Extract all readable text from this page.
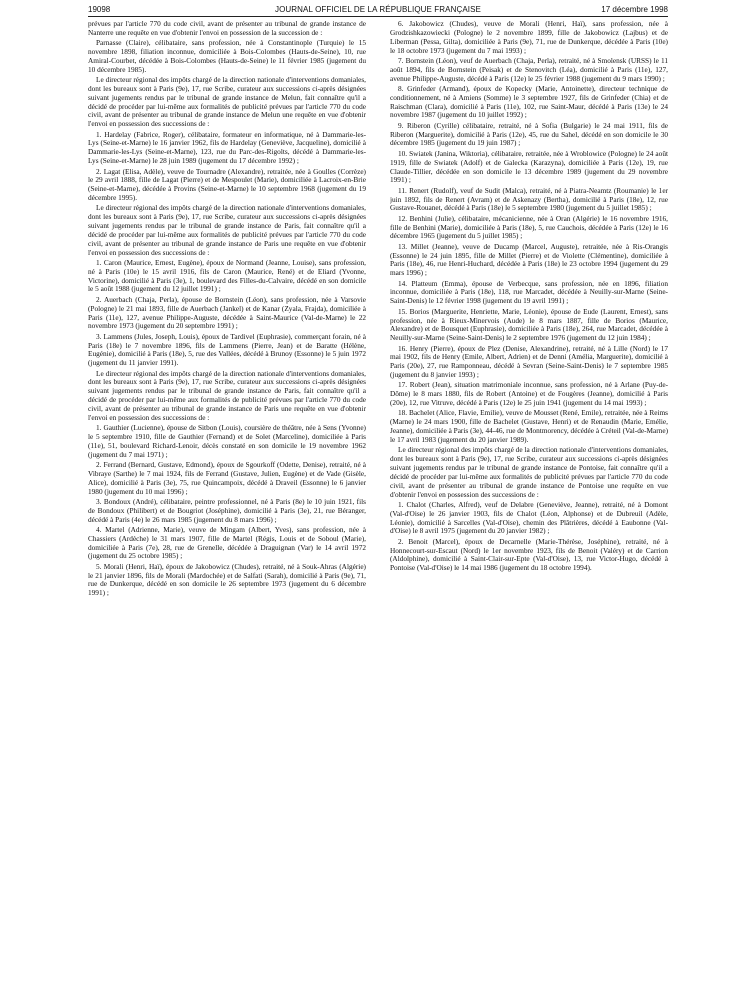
19098	JOURNAL OFFICIEL DE LA RÉPUBLIQUE FRANÇAISE	17 décembre 1998

prévues par l'article 770 du code civil, avant de présenter au tribunal de grande instance de Nanterre une requête en vue d'obtenir l'envoi en possession de la succession de :

Parnasse (Claire), célibataire, sans profession, née à Constantinople (Turquie) le 15 novembre 1898, filiation inconnue, domiciliée à Bois-Colombes (Hauts-de-Seine), 10, rue Amiral-Courbet, décédée à Bois-Colombes (Hauts-de-Seine) le 11 février 1985 (jugement du 10 décembre 1985).

Le directeur régional des impôts chargé de la direction nationale d'interventions domaniales, dont les bureaux sont à Paris (9e), 17, rue Scribe, curateur aux successions ci-après désignées suivant jugements rendus par le tribunal de grande instance de Melun, fait connaître qu'il a décidé de procéder par lui-même aux formalités de publicité prévues par l'article 770 du code civil, avant de présenter au tribunal de grande instance de Melun une requête en vue d'obtenir l'envoi en possession des successions de :

1. Hardelay (Fabrice, Roger), célibataire, formateur en informatique, né à Dammarie-les-Lys (Seine-et-Marne) le 16 janvier 1962, fils de Hardelay (Geneviève, Jacqueline), domicilié à Dammarie-les-Lys (Seine-et-Marne), 123, rue du Parc-des-Rigolts, décédé à Dammarie-les-Lys (Seine-et-Marne) le 28 juin 1989 (jugement du 17 décembre 1992) ;

2. Lagat (Elisa, Adèle), veuve de Tournadre (Alexandre), retraitée, née à Goulles (Corrèze) le 29 avril 1888, fille de Lagat (Pierre) et de Mespoulet (Marie), domiciliée à Lacroix-en-Brie (Seine-et-Marne), décédée à Provins (Seine-et-Marne) le 10 septembre 1968 (jugement du 19 décembre 1995).

Le directeur régional des impôts chargé de la direction nationale d'interventions domaniales, dont les bureaux sont à Paris (9e), 17, rue Scribe, curateur aux successions ci-après désignées suivant jugements rendus par le tribunal de grande instance de Paris, fait connaître qu'il a décidé de procéder par lui-même aux formalités de publicité prévues par l'article 770 du code civil, avant de présenter au tribunal de grande instance de Paris une requête en vue d'obtenir l'envoi en possession des successions de :

1. Caron (Maurice, Ernest, Eugène), époux de Normand (Jeanne, Louise), sans profession, né à Paris (10e) le 15 avril 1916, fils de Caron (Maurice, René) et de Eliard (Yvonne, Victorine), domicilié à Paris (3e), 1, boulevard des Filles-du-Calvaire, décédé en son domicile le 5 août 1988 (jugement du 12 juillet 1991) ;

2. Auerbach (Chaja, Perla), épouse de Bornstein (Léon), sans profession, née à Varsovie (Pologne) le 21 mai 1893, fille de Auerbach (Jankel) et de Kanar (Zyala, Frajda), domiciliée à Paris (11e), 127, avenue Philippe-Auguste, décédée à Saint-Maurice (Val-de-Marne) le 22 novembre 1973 (jugement du 20 septembre 1991) ;

3. Lammens (Jules, Joseph, Louis), époux de Tardivel (Euphrasie), commerçant forain, né à Paris (18e) le 7 novembre 1896, fils de Lammens (Pierre, Jean) et de Baratte (Hélène, Eugénie), domicilié à Paris (18e), 5, rue des Vallées, décédé à Brunoy (Essonne) le 5 juin 1972 (jugement du 11 janvier 1991).

Le directeur régional des impôts chargé de la direction nationale d'interventions domaniales, dont les bureaux sont à Paris (9e), 17, rue Scribe, curateur aux successions ci-après désignées suivant jugements rendus par le tribunal de grande instance de Paris, fait connaître qu'il a décidé de procéder par lui-même aux formalités de publicité prévues par l'article 770 du code civil, avant de présenter au tribunal de grande instance de Paris une requête en vue d'obtenir l'envoi en possession des successions de :

1. Gauthier (Lucienne), épouse de Sitbon (Louis), coursière de théâtre, née à Sens (Yvonne) le 5 septembre 1910, fille de Gauthier (Fernand) et de Solet (Marceline), domiciliée à Paris (11e), 51, boulevard Richard-Lenoir, décès constaté en son domicile le 19 novembre 1962 (jugement du 7 mai 1971) ;

2. Ferrand (Bernard, Gustave, Edmond), époux de Sgourkoff (Odette, Denise), retraité, né à Vibraye (Sarthe) le 7 mai 1924, fils de Ferrand (Gustave, Julien, Eugène) et de Vade (Gisèle, Alice), domicilié à Paris (3e), 75, rue Quincampoix, décédé à Draveil (Essonne) le 6 janvier 1980 (jugement du 10 mai 1996) ;

3. Bondoux (André), célibataire, peintre professionnel, né à Paris (8e) le 10 juin 1921, fils de Bondoux (Philibert) et de Bougriot (Joséphine), domicilié à Paris (3e), 21, rue Béranger, décédé à Paris (4e) le 26 mars 1985 (jugement du 8 mars 1996) ;

4. Martel (Adrienne, Marie), veuve de Mingam (Albert, Yves), sans profession, née à Chassiers (Ardèche) le 31 mars 1907, fille de Martel (Régis, Louis et de Soboul (Marie), domiciliée à Paris (7e), 28, rue de Grenelle, décédée à Draguignan (Var) le 14 avril 1972 (jugement du 25 octobre 1985) ;

5. Morali (Henri, Haï), époux de Jakobowicz (Chudes), retraité, né à Souk-Ahras (Algérie) le 21 janvier 1896, fils de Morali (Mardochée) et de Salfati (Sarah), domicilié à Paris (9e), 71, rue de Dunkerque, décédé en son domicile le 26 septembre 1973 (jugement du 6 décembre 1991) ;

6. Jakobowicz (Chudes), veuve de Morali (Henri, Haï), sans profession, née à Grodzishkazowiecki (Pologne) le 2 novembre 1899, fille de Jakobowicz (Lajbus) et de Liberman (Pessa, Gilta), domiciliée à Paris (9e), 71, rue de Dunkerque, décédée à Paris (10e) le 18 octobre 1973 (jugement du 7 mai 1993) ;

7. Bornstein (Léon), veuf de Auerbach (Chaja, Perla), retraité, né à Smolensk (URSS) le 11 août 1894, fils de Bornstein (Peisak) et de Stenovitch (Léa), domicilié à Paris (11e), 127, avenue Philippe-Auguste, décédé à Paris (12e) le 25 février 1988 (jugement du 9 mars 1990) ;

8. Grinfeder (Armand), époux de Kopecky (Marie, Antoinette), directeur technique de conditionnement, né à Amiens (Somme) le 3 septembre 1927, fils de Grinfeder (Chia) et de Raischman (Clara), domicilié à Paris (11e), 102, rue Saint-Maur, décédé à Paris (13e) le 24 novembre 1987 (jugement du 10 juillet 1992) ;

9. Riberon (Cyrille) célibataire, retraité, né à Sofia (Bulgarie) le 24 mai 1911, fils de Riberon (Marguerite), domicilié à Paris (12e), 45, rue du Sahel, décédé en son domicile le 30 décembre 1985 (jugement du 19 juin 1987) ;

10. Swiatek (Janina, Wiktoria), célibataire, retraitée, née à Wroblowice (Pologne) le 24 août 1919, fille de Swiatek (Adolf) et de Galecka (Karazyna), domiciliée à Paris (12e), 19, rue Claude-Tillier, décédée en son domicile le 13 décembre 1989 (jugement du 29 novembre 1991) ;

11. Renert (Rudolf), veuf de Sudit (Malca), retraité, né à Piatra-Neamtz (Roumanie) le 1er juin 1892, fils de Renert (Avram) et de Askenazy (Bertha), domicilié à Paris (18e), 12, rue Gustave-Rouanet, décédé à Paris (18e) le 5 septembre 1980 (jugement du 5 juillet 1985) ;

12. Benhini (Julie), célibataire, mécanicienne, née à Oran (Algérie) le 16 novembre 1916, fille de Benhini (Marie), domiciliée à Paris (18e), 5, rue Cauchois, décédée à Paris (12e) le 16 décembre 1965 (jugement du 5 juillet 1985) ;

13. Millet (Jeanne), veuve de Ducamp (Marcel, Auguste), retraitée, née à Ris-Orangis (Essonne) le 24 juin 1895, fille de Millet (Pierre) et de Violette (Clémentine), domiciliée à Paris (18e), 46, rue Henri-Huchard, décédée à Paris (18e) le 23 octobre 1994 (jugement du 29 mars 1996) ;

14. Platteum (Emma), épouse de Verbecque, sans profession, née en 1896, filiation inconnue, domiciliée à Paris (18e), 118, rue Marcadet, décédée à Neuilly-sur-Marne (Seine-Saint-Denis) le 12 février 1998 (jugement du 19 avril 1991) ;

15. Borios (Marguerite, Henriette, Marie, Léonie), épouse de Eude (Laurent, Ernest), sans profession, née à Rieux-Minervois (Aude) le 8 mars 1887, fille de Borios (Maurice, Alexandre) et de Bousquet (Euphrasie), domiciliée à Paris (18e), 264, rue Marcadet, décédée à Neuilly-sur-Marne (Seine-Saint-Denis) le 2 septembre 1976 (jugement du 12 juin 1984) ;

16. Henry (Pierre), époux de Plez (Denise, Alexandrine), retraité, né à Lille (Nord) le 17 mai 1902, fils de Henry (Emile, Albert, Adrien) et de Denni (Amélia, Marguerite), domicilié à Paris (20e), 27, rue Ramponneau, décédé à Sevran (Seine-Saint-Denis) le 7 septembre 1985 (jugement du 8 janvier 1993) ;

17. Robert (Jean), situation matrimoniale inconnue, sans profession, né à Arlane (Puy-de-Dôme) le 8 mars 1880, fils de Robert (Antoine) et de Fougères (Jeanne), domicilié à Paris (20e), 12, rue Vitruve, décédé à Paris (12e) le 25 juin 1941 (jugement du 14 mai 1993) ;

18. Bachelet (Alice, Flavie, Emilie), veuve de Mousset (René, Emile), retraitée, née à Reims (Marne) le 24 mars 1900, fille de Bachelet (Gustave, Henri) et de Renaudin (Marie, Emélie, Jeanne), domiciliée à Paris (3e), 44-46, rue de Montmorency, décédée à Créteil (Val-de-Marne) le 17 avril 1983 (jugement du 20 janvier 1989).

Le directeur régional des impôts chargé de la direction nationale d'interventions domaniales, dont les bureaux sont à Paris (9e), 17, rue Scribe, curateur aux successions ci-après désignées suivant jugements rendus par le tribunal de grande instance de Pontoise, fait connaître qu'il a décidé de procéder par lui-même aux formalités de publicité prévues par l'article 770 du code civil, avant de présenter au tribunal de grande instance de Pontoise une requête en vue d'obtenir l'envoi en possession des successions de :

1. Chalot (Charles, Alfred), veuf de Delabre (Geneviève, Jeanne), retraité, né à Domont (Val-d'Oise) le 26 janvier 1903, fils de Chalot (Léon, Alphonse) et de Dubreuil (Adèle, Léonie), domicilié à Sarcelles (Val-d'Oise), chemin des Plâtrières, décédé à Eaubonne (Val-d'Oise) le 8 avril 1975 (jugement du 20 janvier 1982) ;

2. Benoit (Marcel), époux de Decarnelle (Marie-Thérèse, Joséphine), retraité, né à Honnecourt-sur-Escaut (Nord) le 1er novembre 1923, fils de Benoit (Valéry) et de Carrion (Aldolphine), domicilié à Saint-Clair-sur-Epte (Val-d'Oise), 13, rue Victor-Hugo, décédé à Pontoise (Val-d'Oise) le 14 mai 1986 (jugement du 18 octobre 1994).
